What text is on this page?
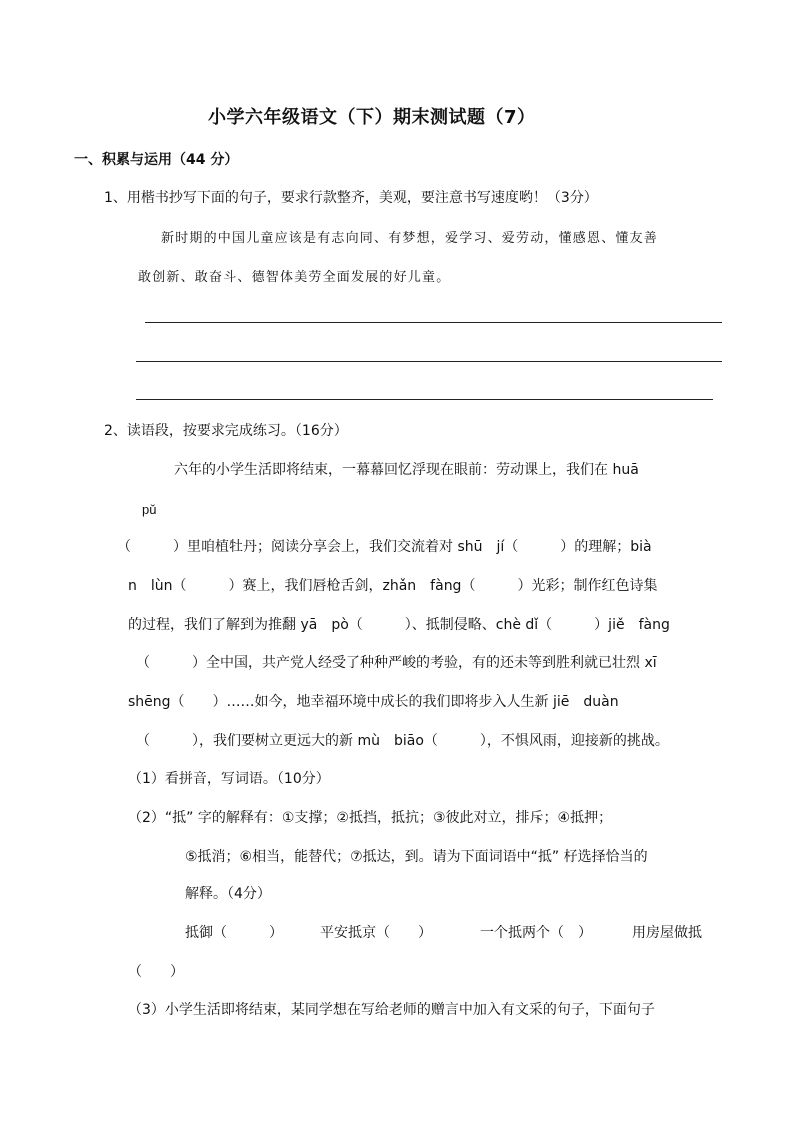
小学六年级语文（下）期末测试题（7）
一、积累与运用（44 分）
1、用楷书抄写下面的句子，要求行款整齐，美观，要注意书写速度哟！（3分）
新时期的中国儿童应该是有志向同、有梦想，爱学习、爱劳动，懂感恩、懂友善
敢创新、敢奋斗、德智体美劳全面发展的好儿童。
2、读语段，按要求完成练习。（16分）
六年的小学生活即将结束，一幕幕回忆浮现在眼前：劳动课上，我们在 huā
pǔ
（　　　）里咱植牡丹；阅读分享会上，我们交流着对 shū　jí（　　　）的理解；bià
n　lùn（　　　）赛上，我们唇枪舌剑，zhǎn　fàng（　　　）光彩；制作红色诗集
的过程，我们了解到为推翻 yā　pò（　　　）、抵制侵略、chè dǐ（　　　）jiě　fàng
（　　　）全中国，共产党人经受了种种严峻的考验，有的还未等到胜利就已壮烈 xī
shēng（　　）……如今，地幸福环境中成长的我们即将步入人生新 jiē　duàn
（　　　），我们要树立更远大的新 mù　biāo（　　　），不惧风雨，迎接新的挑战。
（1）看拼音，写词语。（10分）
（2）“抵” 字的解释有：①支撑；②抵挡，抵抗；③彼此对立，排斥；④抵押；
⑤抵消；⑥相当，能替代；⑦抵达，到。请为下面词语中“抵” 杍选择恰当的
解释。（4分）
抵御（　　　）	平安抵京（　　）	一个抵两个（　）	用房屋做抵
（　　）
（3）小学生活即将结束，某同学想在写给老师的赠言中加入有文采的句子，下面句子
